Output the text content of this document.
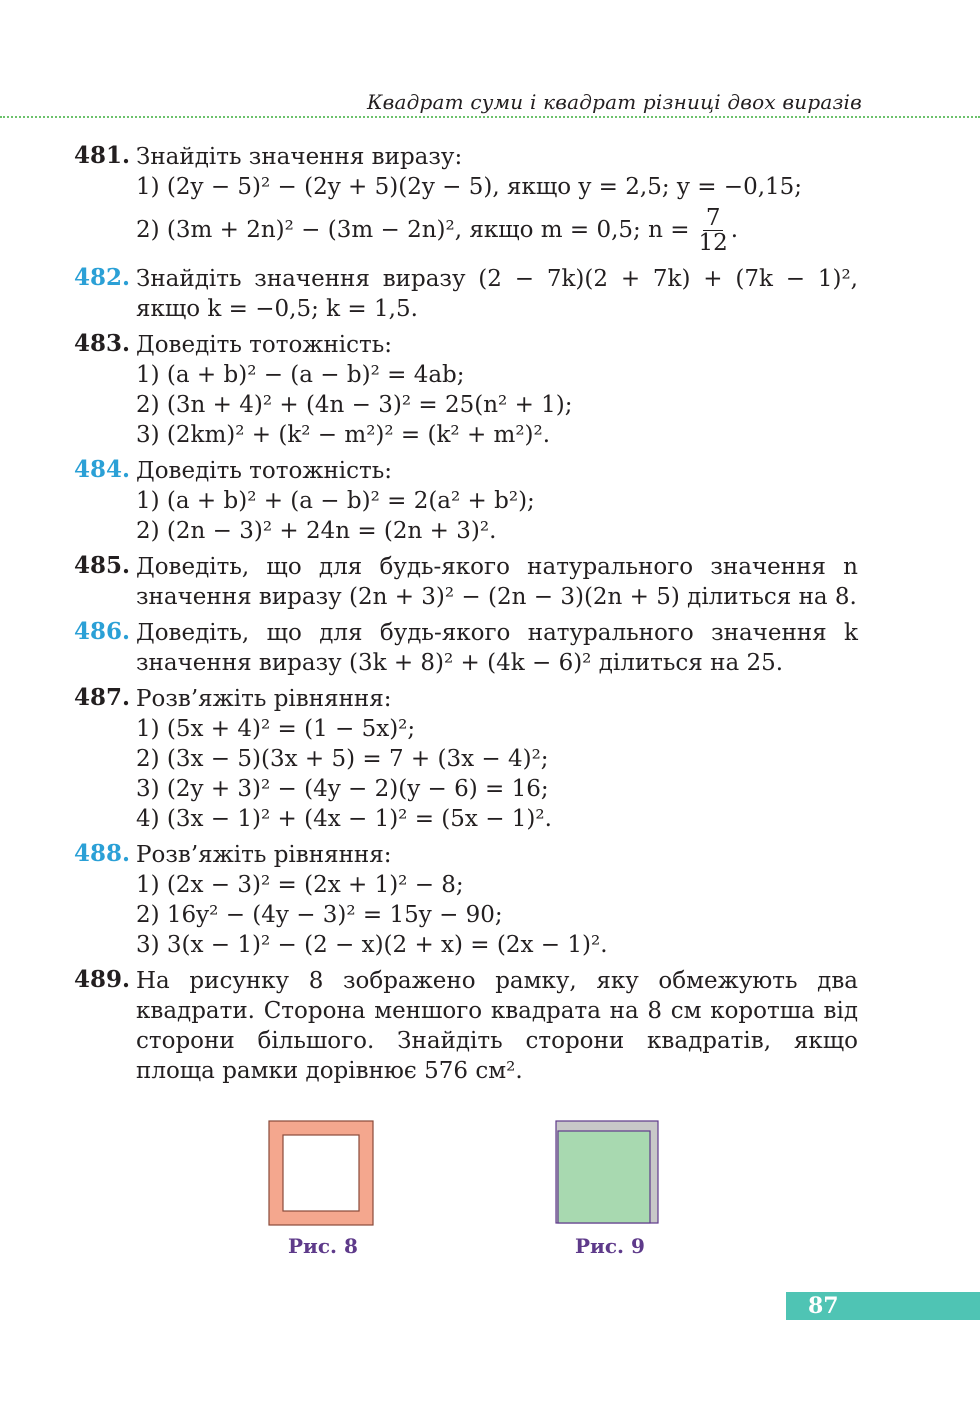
Квадрат суми і квадрат різниці двох виразів
481. Знайдіть значення виразу:
1) (2y − 5)² − (2y + 5)(2y − 5), якщо y = 2,5; y = −0,15;
2) (3m + 2n)² − (3m − 2n)², якщо m = 0,5; $n = \frac{7}{12}$ .
482. Знайдіть значення виразу (2 − 7k)(2 + 7k) + (7k − 1)², якщо k = −0,5; k = 1,5.
483. Доведіть тотожність:
1) (a + b)² − (a − b)² = 4ab;
2) (3n + 4)² + (4n − 3)² = 25(n² + 1);
3) (2km)² + (k² − m²)² = (k² + m²)².
484. Доведіть тотожність:
1) (a + b)² + (a − b)² = 2(a² + b²);
2) (2n − 3)² + 24n = (2n + 3)².
485. Доведіть, що для будь-якого натурального значення n значення виразу (2n + 3)² − (2n − 3)(2n + 5) ділиться на 8.
486. Доведіть, що для будь-якого натурального значення k значення виразу (3k + 8)² + (4k − 6)² ділиться на 25.
487. Розв’яжіть рівняння:
1) (5x + 4)² = (1 − 5x)²;
2) (3x − 5)(3x + 5) = 7 + (3x − 4)²;
3) (2y + 3)² − (4y − 2)(y − 6) = 16;
4) (3x − 1)² + (4x − 1)² = (5x − 1)².
488. Розв’яжіть рівняння:
1) (2x − 3)² = (2x + 1)² − 8;
2) 16y² − (4y − 3)² = 15y − 90;
3) 3(x − 1)² − (2 − x)(2 + x) = (2x − 1)².
489. На рисунку 8 зображено рамку, яку обмежують два квадрати. Сторона меншого квадрата на 8 см коротша від сторони більшого. Знайдіть сторони квадратів, якщо площа рамки дорівнює 576 см².
Рис. 8	Рис. 9
87
